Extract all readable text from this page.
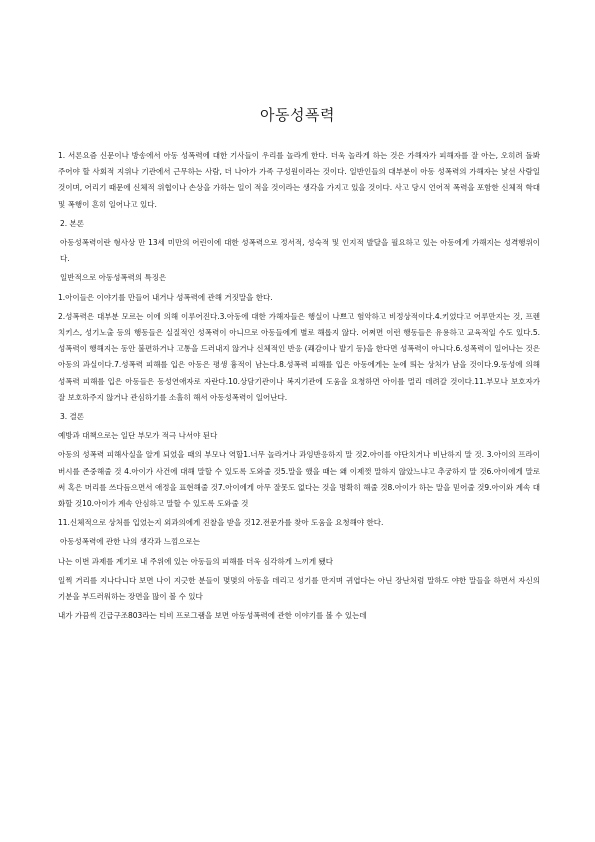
아동성폭력

1. 서론요즘 신문이나 방송에서 아동 성폭력에 대한 기사들이 우리를 놀라게 한다. 더욱 놀라게 하는 것은 가해자가 피해자를 잘 아는, 오히려 돌봐 주어야 할 사회적 지위나 기관에서 근무하는 사람, 더 나아가 가족 구성원이라는 것이다. 일반인들의 대부분이 아동 성폭력의 가해자는 낯선 사람일 것이며, 어리기 때문에 신체적 위협이나 손상을 가하는 일이 적을 것이라는 생각을 가지고 있을 것이다. 사고 당시 언어적 폭력을 포함한 신체적 학대 및 폭행이 흔히 일어나고 있다.

2. 본론

아동성폭력이란 형사상 만 13세 미만의 어린이에 대한 성폭력으로 정서적, 성숙적 및 인지적 발달을 필요하고 있는 아동에게 가해지는 성격행위이다.

일반적으로 아동성폭력의 특징은

1.아이들은 이야기를 만들어 내거나 성폭력에 관해 거짓말을 한다.

2.성폭력은 대부분 모르는 이에 의해 이루어진다.3.아동에 대한 가해자들은 행실이 나쁘고 험악하고 비정상적이다.4.키었다고 어루만지는 것, 프렌치키스, 성기노출 등의 행동들은 실질적인 성폭력이 아니므로 아동들에게 별로 해롭지 않다. 어쩌면 이런 행동들은 유용하고 교육적일 수도 있다.5.성폭력이 행해지는 동안 불편하거나 고통을 드러내지 않거나 신체적인 반응 (쾌감이나 발기 등)을 한다면 성폭력이 아니다.6.성폭력이 일어나는 것은 아동의 과실이다.7.성폭력 피해를 입은 아동은 평생 흉적이 남는다.8.성폭력 피해를 입은 아동에게는 눈에 띄는 상처가 남을 것이다.9.동성에 의해 성폭력 피해를 입은 아동들은 동성연애자로 자란다.10.상담기관이나 복지기관에 도움을 요청하면 아이를 멀리 데려갈 것이다.11.부모나 보호자가 잘 보호하주지 않거나 관심하기를 소홀히 해서 아동성폭력이 일어난다.

3. 결론

예방과 대책으로는 일단 부모가 적극 나서야 된다

아동의 성폭력 피해사실을 알게 되었을 때의 부모나 역할1.너무 놀라거나 과잉반응하지 말 것2.아이를 야단치거나 비난하지 말 것. 3.아이의 프라이버시를 존중해줄 것 4.아이가 사건에 대해 말할 수 있도록 도와줄 것5.말을 했을 때는 왜 이제껏 말하지 않았느냐고 추궁하지 말 것6.아이에게 말로써 혹은 머리를 쓰다듬으면서 애정을 표현해줄 것7.아이에게 아무 잘못도 없다는 것을 명확히 해줄 것8.아이가 하는 말을 믿어줄 것9.아이와 계속 대화할 것10.아이가 계속 안심하고 말할 수 있도록 도와줄 것

11.신체적으로 상처를 입었는지 외과의에게 진찰을 받을 것12.전문가를 찾아 도움을 요청해야 한다.

아동성폭력에 관한 나의 생각과 느낌으로는

나는 이번 과제를 계기로 내 주위에 있는 아동들의 피해를 더욱 심각하게 느끼게 됐다

일찍 거리를 지나다니다 보면 나이 지긋한 분들이 몇몇의 아동을 데리고 성기를 만지며 귀엽다는 아닌 장난처럼 말하도 야한 말들을 하면서 자신의 기분을 부드러워하는 장면을 많이 볼 수 있다

내가 가끔씩 긴급구조803라는 티비 프로그램을 보면 아동성폭력에 관한 이야기를 볼 수 있는데
